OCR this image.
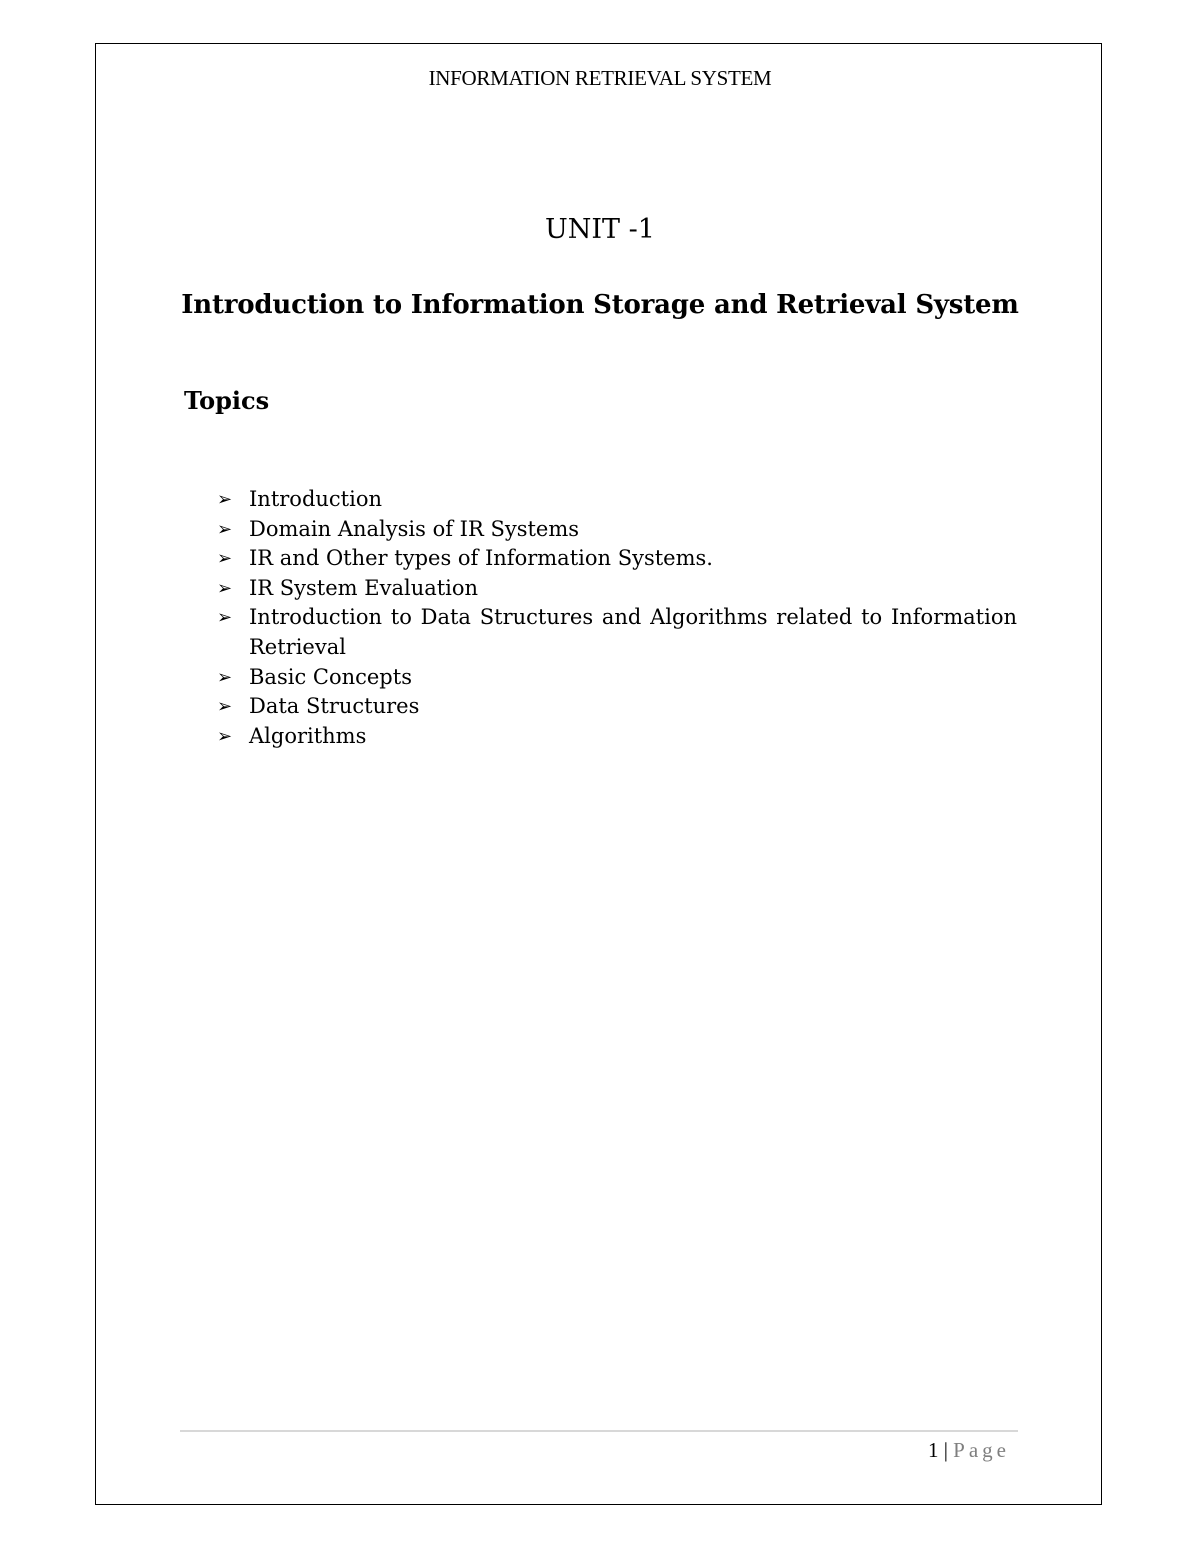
INFORMATION RETRIEVAL SYSTEM
UNIT -1
Introduction to Information Storage and Retrieval System
Topics
➢ Introduction
➢ Domain Analysis of IR Systems
➢ IR and Other types of Information Systems.
➢ IR System Evaluation
➢ Introduction to Data Structures and Algorithms related to Information Retrieval
➢ Basic Concepts
➢ Data Structures
➢ Algorithms
1 | Page
